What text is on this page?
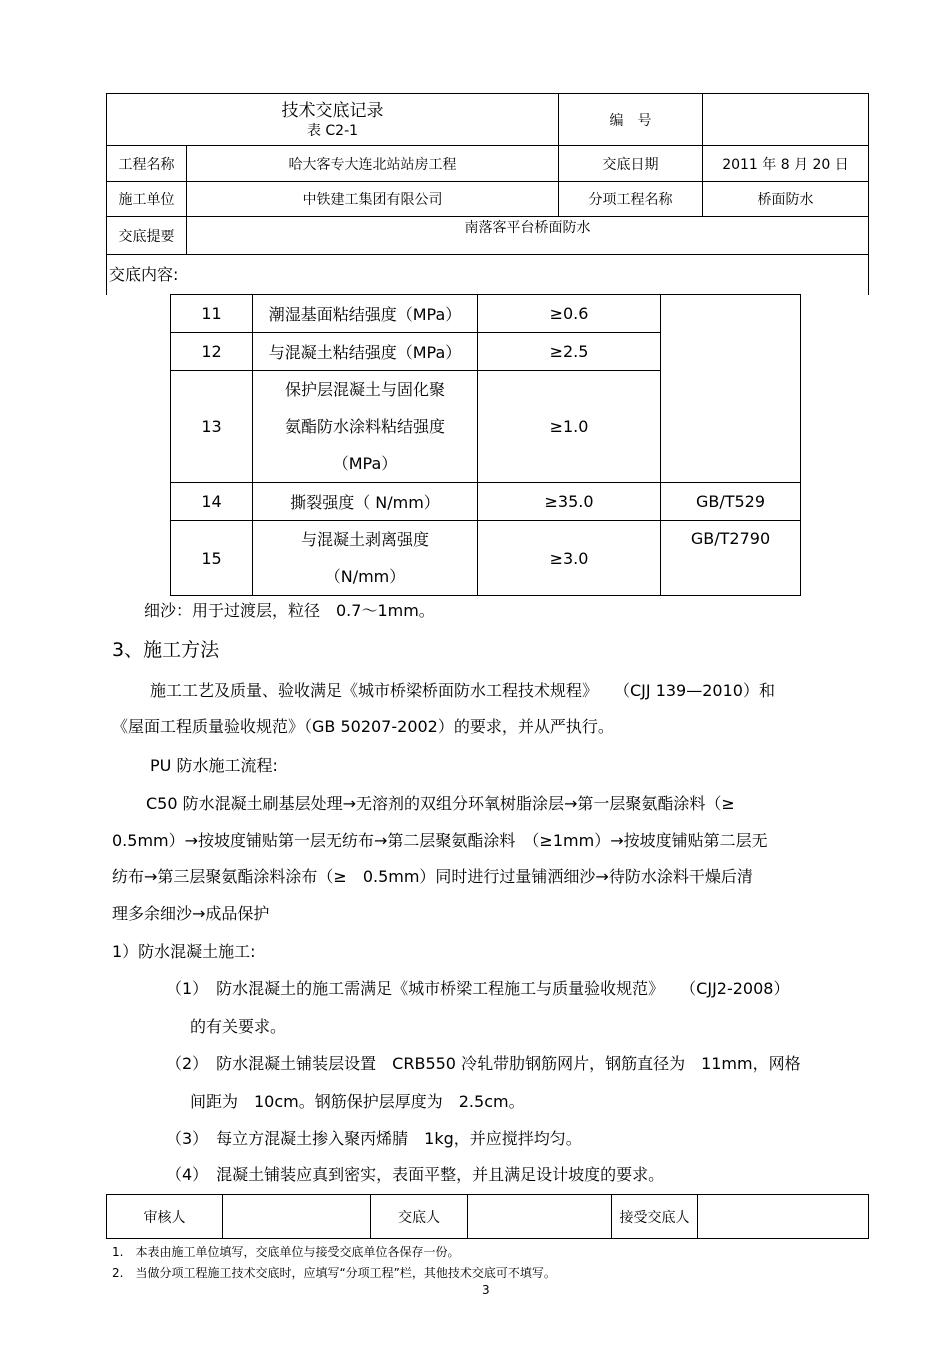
技术交底记录
表 C2-1
编　号
工程名称	哈大客专大连北站站房工程	交底日期	2011 年 8 月 20 日
施工单位	中铁建工集团有限公司	分项工程名称	桥面防水
交底提要
南落客平台桥面防水
交底内容:
11	潮湿基面粘结强度（MPa）	≥0.6	
12	与混凝土粘结强度（MPa）	≥2.5	
13	保护层混凝土与固化聚
氨酯防水涂料粘结强度
（MPa）	≥1.0	
14	撕裂强度（ N/mm）	≥35.0	GB/T529
15	与混凝土剥离强度
（N/mm）	≥3.0	GB/T2790
细沙：用于过渡层，粒径　0.7～1mm。
3、施工方法
施工工艺及质量、验收满足《城市桥梁桥面防水工程技术规程》　　（CJJ 139—2010）和
《屋面工程质量验收规范》（GB 50207-2002）的要求，并从严执行。
PU 防水施工流程:
C50 防水混凝土刷基层处理→无溶剂的双组分环氧树脂涂层→第一层聚氨酯涂料（≥
0.5mm）→按坡度铺贴第一层无纺布→第二层聚氨酯涂料　（≥1mm）→按坡度铺贴第二层无
纺布→第三层聚氨酯涂料涂布（≥　0.5mm）同时进行过量铺洒细沙→待防水涂料干燥后清
理多余细沙→成品保护
1）防水混凝土施工:
（1）　防水混凝土的施工需满足《城市桥梁工程施工与质量验收规范》　　（CJJ2-2008）
的有关要求。
（2）　防水混凝土铺装层设置　CRB550 冷轧带肋钢筋网片，钢筋直径为　11mm，网格
间距为　10cm。钢筋保护层厚度为　2.5cm。
（3）　每立方混凝土掺入聚丙烯腈　1kg，并应搅拌均匀。
（4）　混凝土铺装应真到密实，表面平整，并且满足设计坡度的要求。
审核人	交底人	接受交底人
1.　本表由施工单位填写，交底单位与接受交底单位各保存一份。
2.　当做分项工程施工技术交底时，应填写“分项工程”栏，其他技术交底可不填写。
3
